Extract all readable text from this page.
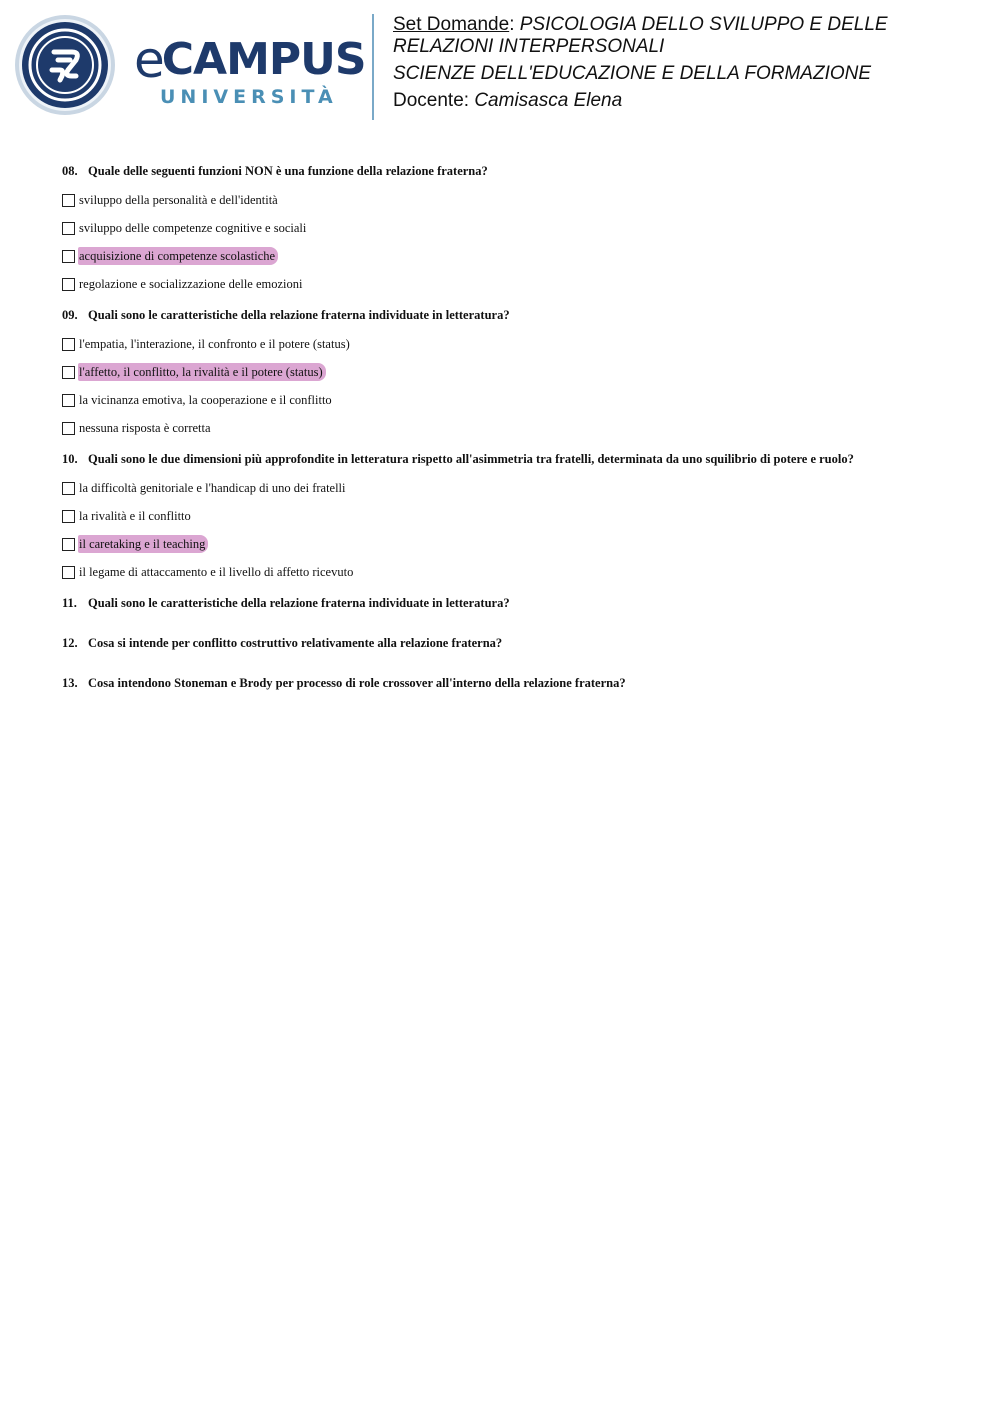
e
CAMPUS
UNIVERSITÀ

Set Domande: PSICOLOGIA DELLO SVILUPPO E DELLE RELAZIONI INTERPERSONALI

SCIENZE DELL'EDUCAZIONE E DELLA FORMAZIONE

Docente: Camisasca Elena

08. Quale delle seguenti funzioni NON è una funzione della relazione fraterna?

sviluppo della personalità e dell'identità
sviluppo delle competenze cognitive e sociali
acquisizione di competenze scolastiche
regolazione e socializzazione delle emozioni

09. Quali sono le caratteristiche della relazione fraterna individuate in letteratura?

l'empatia, l'interazione, il confronto e il potere (status)
l'affetto, il conflitto, la rivalità e il potere (status)
la vicinanza emotiva, la cooperazione e il conflitto
nessuna risposta è corretta

10. Quali sono le due dimensioni più approfondite in letteratura rispetto all'asimmetria tra fratelli, determinata da uno squilibrio di potere e ruolo?

la difficoltà genitoriale e l'handicap di uno dei fratelli
la rivalità e il conflitto
il caretaking e il teaching
il legame di attaccamento e il livello di affetto ricevuto

11. Quali sono le caratteristiche della relazione fraterna individuate in letteratura?

12. Cosa si intende per conflitto costruttivo relativamente alla relazione fraterna?

13. Cosa intendono Stoneman e Brody per processo di role crossover all'interno della relazione fraterna?
